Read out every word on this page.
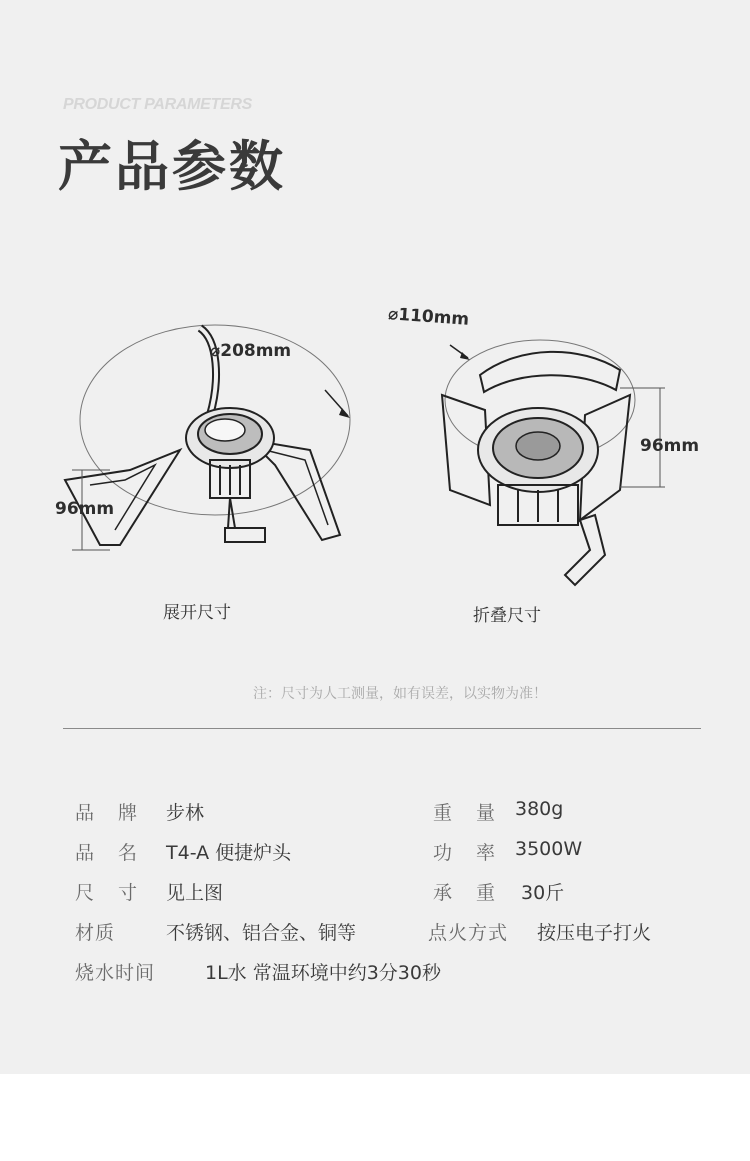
PRODUCT PARAMETERS
产品参数
⌀208mm
96mm
展开尺寸
⌀110mm
96mm
折叠尺寸
注：尺寸为人工测量，如有误差，以实物为准！
品 牌 步林
品 名 T4-A 便捷炉头
尺 寸 见上图
材质	不锈钢、铝合金、铜等
烧水时间	1L水 常温环境中约3分30秒
重 量 380g
功 率 3500W
承 重 30斤
点火方式 按压电子打火
